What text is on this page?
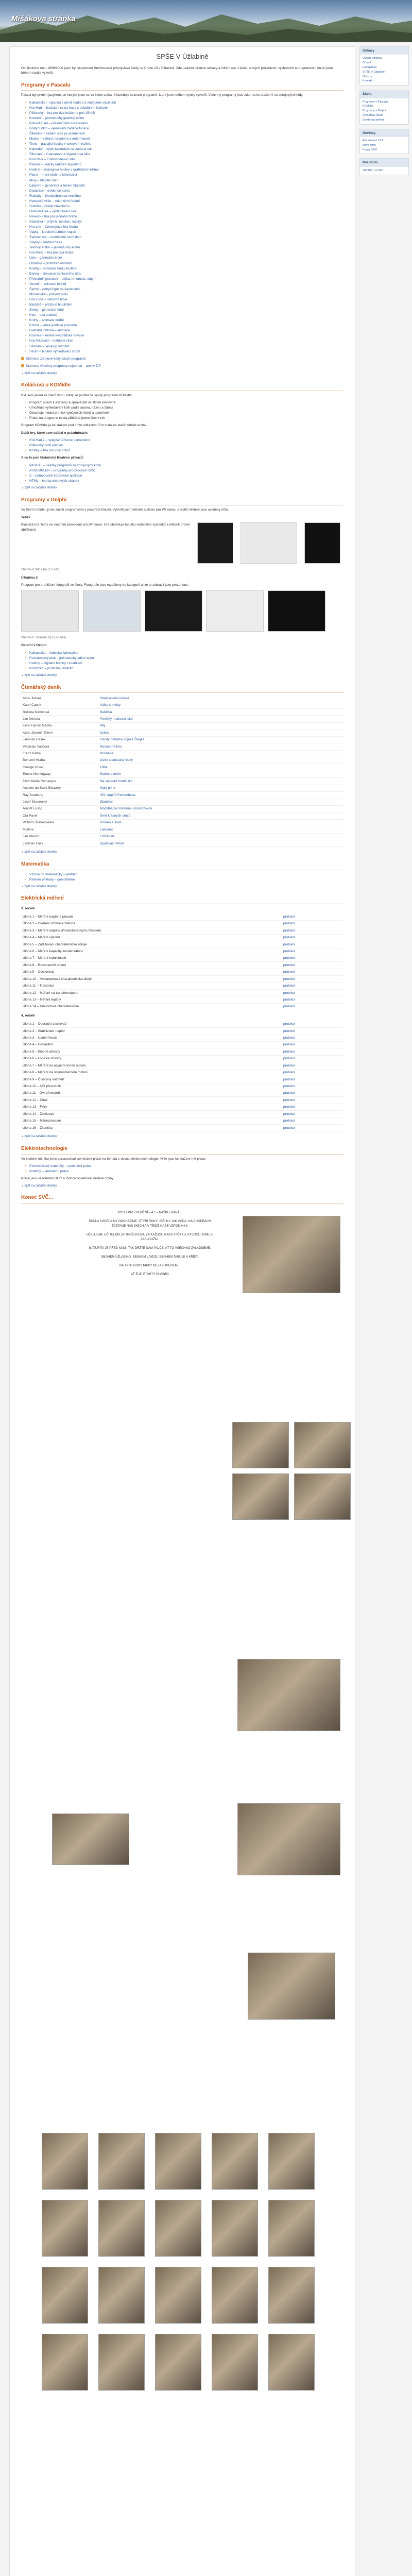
Mišákova stránka
SPŠE V Úžlabině

Od školního roku 1999/2000 jsem byl studentem Smíchovské průmyslové školy na Praze 10 v Úžlabině. Zde uvádím některé odkazy a informace o škole, o mých projektech, výsledcích a programech, které jsem během studia vytvořil.

Programy v Pascalu

Pascal byl prvním jazykem, se kterým jsem se ve škole setkal. Následuje seznam programů, které jsem během výuky vytvořil. Všechny programy jsou zdarma ke stažení i se zdrojovými kódy.

• Kalkulačka – výpočet z devíti hodnot a zobrazení výsledků
• Hra Had – klasická hra na hada s ovládáním šipkami
• Piškvorky – hra pro dva hráče na poli 15×15
• Kreslení – jednoduchý grafický editor
• Převod čísel – převod mezi soustavami
• Grafy funkcí – vykreslení zadané funkce
• Šibenice – hádání slov po písmenech
• Matice – sčítání, násobení a determinant
• Tetris – padající kostky v textovém režimu
• Kalendář – výpis kalendáře na zadaný rok
• Šifrování – Caesarova a Vigenèrova šifra
• Prvočísla – Eratosthenovo síto
• Řazení – ukázky řadicích algoritmů
• Hodiny – analogové hodiny v grafickém režimu
• Piano – hraní tónů na klávesnici
• Miny – hledání min
• Labyrint – generátor a řešení bludiště
• Databáze – evidence adres
• Fraktály – Mandelbrotova množina
• Hanojské věže – rekurzivní řešení
• Sudoku – řešitel hlavolamu
• Osmisměrka – vyhledávání slov
• Pexeso – hra pro jednoho hráče
• Statistika – průměr, medián, rozptyl
• Hra Life – Conwayova hra života
• Vlajky – kreslení státních vlajek
• Šachovnice – rozmístění osmi dam
• Stopky – měření času
• Textový editor – jednoduchý editor
• Hra Pong – hra pro dva hráče
• Loto – generátor čísel
• Obrázky – prohlížeč obrázků
• Kostky – simulace hodu kostkou
• Banka – simulace bankovního účtu
• Převodník jednotek – délka, hmotnost, objem
• Vesmír – animace hvězd
• Šachy – pohyb figur na šachovnici
• Morseovka – převod textu
• Hra Lodě – námořní bitva
• Bludiště – průchod bludištěm
• Zvuky – generátor tónů
• Kvíz – test znalostí
• Kruhy – animace kruhů
• Písmo – velká grafická písmena
• Hvězdná obloha – animace
• Rovnice – řešení kvadratické rovnice
• Hra Arkanoid – rozbíjení cihel
• Seznam – spojový seznam
• Strom – binární vyhledávací strom

Stáhnout zdrojové kódy všech programů

Stáhnout všechny programy najednou – archiv ZIP

▲ zpět na začátek stránky
Koláčová u KDMidle

Byl jsem jeden ze členů týmu, který se podílel na vývoji programu KDMidle.

• Program slouží k evidenci a správě dat ve školní knihovně
• Umožňuje vyhledávání knih podle autora, názvu a žánru
• Obsahuje modul pro tisk výpůjčních lístků a upomínek
• Práce na programu trvala přibližně jeden školní rok

Program KDMidle je ke stažení pod tímto odkazem. Pro instalaci stačí rozbalit archiv.

Další hry, které sem udělal o prázdninách:

• Hra Had 2 – vylepšená verze s úrovněmi
• Piškvorky proti počítači
• Kostky – hra pro více hráčů

A co to pan historický Beatrice příkazů:

• PASCAL – ukázky programů se zdrojovými kódy
• ASSEMBLER – programy pro procesor 8051
• C – jednoduché konzolové aplikace
• HTML – tvorba webových stránek
▲ zpět na začátek stránky
Programy v Delphi

Ve třetím ročníku jsme začali programovat v prostředí Delphi. Vytvořil jsem několik aplikací pro Windows, z nichž některé jsou uvedeny níže.

Tetris

Klasická hra Tetris ve vlastním provedení pro Windows. Hra obsahuje tabulku nejlepších výsledků a několik úrovní obtížnosti.

Stáhnout: tetris.zip (175 kB)

Úžlabina 2

Program pro prohlížení fotografií ze školy. Fotografie jsou rozděleny do kategorií a lze je zobrazit jako prezentaci.

Stáhnout: uzlabina.zip (1,56 MB)

Ostatní v Delphi

• Kalkulačka – vědecká kalkulačka
• Poznámkový blok – jednoduchý editor textu
• Hodiny – digitální hodiny s budíkem
• Prohlížeč – prohlížeč obrázků
▲ zpět na začátek stránky
Čtenářský deník
Alois Jirásek	Staré pověsti české
Karel Čapek	Válka s mloky
Božena Němcová	Babička
Jan Neruda	Povídky malostranské
Karel Hynek Mácha	Máj
Karel Jaromír Erben	Kytice
Jaroslav Hašek	Osudy dobrého vojáka Švejka
Vladislav Vančura	Rozmarné léto
Franz Kafka	Proměna
Bohumil Hrabal	Ostře sledované vlaky
George Orwell	1984
Ernest Hemingway	Stařec a moře
Erich Maria Remarque	Na západní frontě klid
Antoine de Saint-Exupéry	Malý princ
Ray Bradbury	451 stupňů Fahrenheita
Josef Škvorecký	Zbabělci
Arnošt Lustig	Modlitba pro Kateřinu Horovitzovou
Ota Pavel	Smrt krásných srnců
William Shakespeare	Romeo a Julie
Molière	Lakomec
Jan Werich	Fimfárum
Ladislav Fuks	Spalovač mrtvol
▲ zpět na začátek stránky
Matematika
• Vzorce do matematiky – přehled
• Řešené příklady – goniometrie
▲ zpět na začátek stránky
Elektrická měření

3. ročník

Úloha 1 – Měření napětí a proudu	protokol
Úloha 2 – Ověření Ohmova zákona	protokol
Úloha 3 – Měření odporu Wheatstoneovým můstkem	protokol
Úloha 4 – Měření výkonu	protokol
Úloha 5 – Zatěžovací charakteristika zdroje	protokol
Úloha 6 – Měření kapacity kondenzátoru	protokol
Úloha 7 – Měření indukčnosti	protokol
Úloha 8 – Rezonanční obvod	protokol
Úloha 9 – Osciloskop	protokol
Úloha 10 – Voltampérová charakteristika diody	protokol
Úloha 11 – Tranzistor	protokol
Úloha 12 – Měření na transformátoru	protokol
Úloha 13 – Měření teploty	protokol
Úloha 14 – Kmitočtová charakteristika	protokol

4. ročník

Úloha 1 – Operační zesilovač	protokol
Úloha 2 – Stabilizátor napětí	protokol
Úloha 3 – Usměrňovač	protokol
Úloha 4 – Generátor	protokol
Úloha 5 – Klopné obvody	protokol
Úloha 6 – Logické obvody	protokol
Úloha 7 – Měření na asynchronním motoru	protokol
Úloha 8 – Měření na stejnosměrném motoru	protokol
Úloha 9 – Číslicový voltmetr	protokol
Úloha 10 – A/D převodník	protokol
Úloha 11 – D/A převodník	protokol
Úloha 12 – Čítač	protokol
Úloha 13 – Filtry	protokol
Úloha 14 – Zesilovač	protokol
Úloha 15 – Mikroprocesor	protokol
Úloha 16 – Zkouška	protokol
▲ zpět na začátek stránky
Elektrotechnologie

Ve čtvrtém ročníku jsme zpracovávali seminární práce na témata z oblasti elektrotechnologie. Níže jsou ke stažení mé práce.

• Polovodičové materiály – seminární práce
• Izolanty – seminární práce

Práce jsou ve formátu DOC a mohou obsahovat drobné chyby.

▲ zpět na začátek stránky
Konec SVČ...

POSLEDNÍ ZVONĚNÍ – 4.L – NAŠKLEBANÁ...

ŠKOLA KONČÍ A MY ODCHÁZÍME, ČTYŘI ROKY UBĚHLY JAK VODA, NA CHODBÁCH ZŮSTANE NÁŠ SMÍCH A V TŘÍDĚ NAŠE VZPOMÍNKY.

DĚKUJEME UČITELŮM ZA TRPĚLIVOST, ZA KAŽDOU RADU I PĚTKU, KTEROU JSME SI ZASLOUŽILI.

MATURITA JE PŘED NÁMI, TAK DRŽTE NÁM PALCE, AŤ TO VŠECHNO ZVLÁDNEME.

SBOHEM ÚŽLABINO, SBOHEM LAVICE, SBOHEM TABULE A KŘÍDY.

NA TYTO ROKY NIKDY NEZAPOMENEME.

AŤ ŽIJE ČTVRTÝ ROČNÍK!

Odkazy
Úvodní stránka
O mně
Fotogalerie
SPŠE V Úžlabině
Odkazy
Kontakt
Škola
Programy v Pascalu
KDMidle
Programy v Delphi
Čtenářský deník
Elektrická měření
Novinky
Aktualizace 12.6.
Nové fotky
Konec SVČ
Počítadlo
Návštěv: 12 345
